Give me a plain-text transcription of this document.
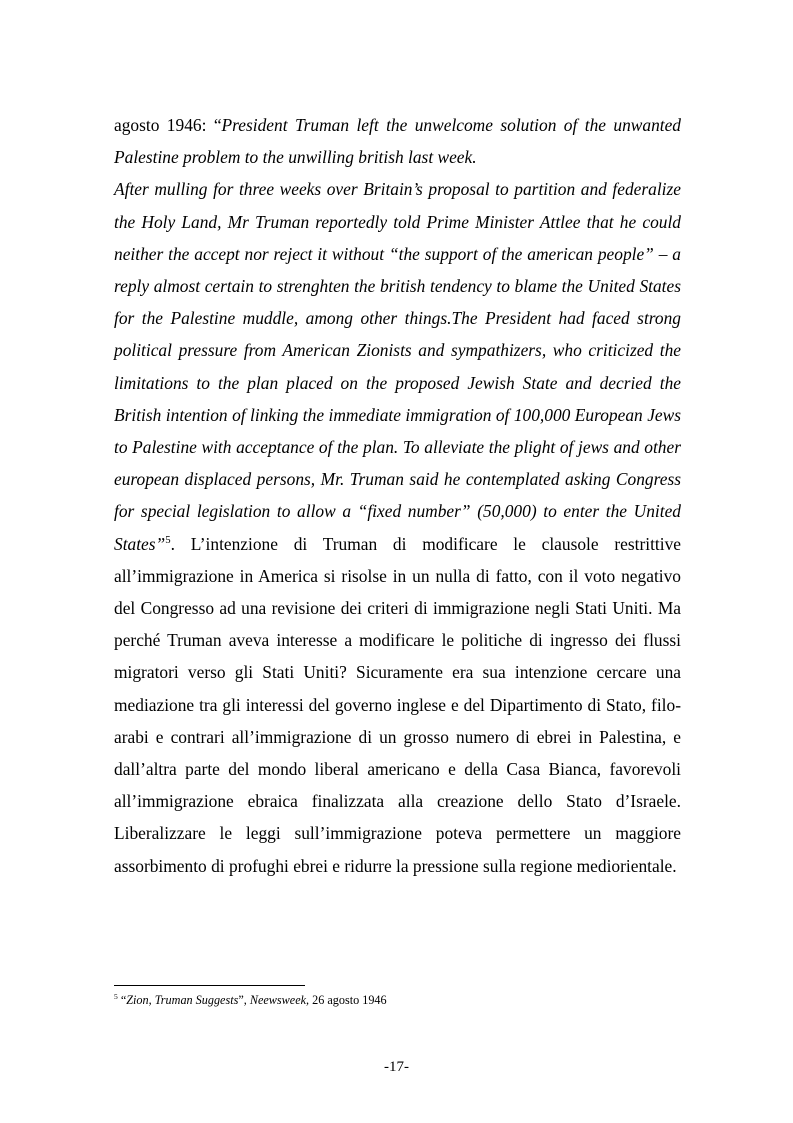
agosto 1946: “President Truman left the unwelcome solution of the unwanted Palestine problem to the unwilling british last week.
After mulling for three weeks over Britain’s proposal to partition and federalize the Holy Land, Mr Truman reportedly told Prime Minister Attlee that he could neither the accept nor reject it without “the support of the american people” – a reply almost certain to strenghten the british tendency to blame the United States for the Palestine muddle, among other things.The President had faced strong political pressure from American Zionists and sympathizers, who criticized the limitations to the plan placed on the proposed Jewish State and decried the British intention of linking the immediate immigration of 100,000 European Jews to Palestine with acceptance of the plan. To alleviate the plight of jews and other european displaced persons, Mr. Truman said he contemplated asking Congress for special legislation to allow a “fixed number” (50,000) to enter the United States”$^5$. L’intenzione di Truman di modificare le clausole restrittive all’immigrazione in America si risolse in un nulla di fatto, con il voto negativo del Congresso ad una revisione dei criteri di immigrazione negli Stati Uniti. Ma perché Truman aveva interesse a modificare le politiche di ingresso dei flussi migratori verso gli Stati Uniti? Sicuramente era sua intenzione cercare una mediazione tra gli interessi del governo inglese e del Dipartimento di Stato, filo-arabi e contrari all’immigrazione di un grosso numero di ebrei in Palestina, e dall’altra parte del mondo liberal americano e della Casa Bianca, favorevoli all’immigrazione ebraica finalizzata alla creazione dello Stato d’Israele. Liberalizzare le leggi sull’immigrazione poteva permettere un maggiore assorbimento di profughi ebrei e ridurre la pressione sulla regione mediorientale.

$^5$ “Zion, Truman Suggests”, Neewsweek, 26 agosto 1946

-17-
